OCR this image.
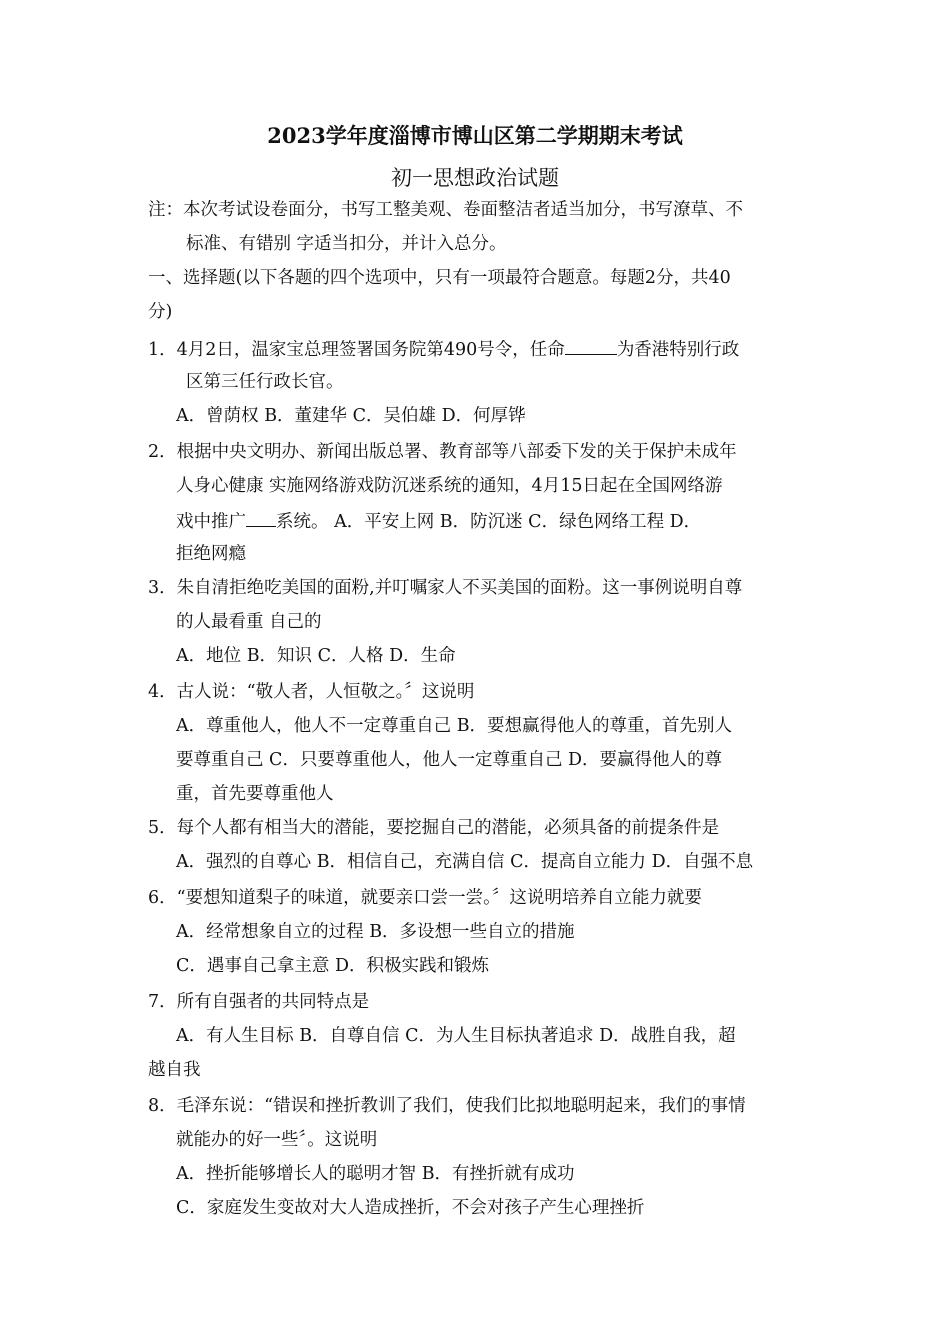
2023学年度淄博市博山区第二学期期末考试
初一思想政治试题
注：本次考试设卷面分，书写工整美观、卷面整洁者适当加分，书写潦草、不
标准、有错别 字适当扣分，并计入总分。
一、选择题(以下各题的四个选项中，只有一项最符合题意。每题2分，共40
分)
1．4月2日，温家宝总理签署国务院第490号令，任命	为香港特别行政
区第三任行政长官。
A．曾荫权 B．董建华 C．吴伯雄 D．何厚铧
2．根据中央文明办、新闻出版总署、教育部等八部委下发的关于保护未成年
人身心健康 实施网络游戏防沉迷系统的通知，4月15日起在全国网络游
戏中推广 系统。 A．平安上网 B．防沉迷 C．绿色网络工程 D．
拒绝网瘾
3．朱自清拒绝吃美国的面粉,并叮嘱家人不买美国的面粉。这一事例说明自尊
的人最看重 自己的
A．地位 B．知识 C．人格 D．生命
4．古人说：“敬人者，人恒敬之。〞这说明
A．尊重他人，他人不一定尊重自己 B．要想赢得他人的尊重，首先别人
要尊重自己 C．只要尊重他人，他人一定尊重自己 D．要赢得他人的尊
重，首先要尊重他人
5．每个人都有相当大的潜能，要挖掘自己的潜能，必须具备的前提条件是
A．强烈的自尊心 B．相信自己，充满自信 C．提高自立能力 D．自强不息
6．“要想知道梨子的味道，就要亲口尝一尝。〞这说明培养自立能力就要
A．经常想象自立的过程 B．多设想一些自立的措施
C．遇事自己拿主意 D．积极实践和锻炼
7．所有自强者的共同特点是
A．有人生目标 B．自尊自信 C．为人生目标执著追求 D．战胜自我，超
越自我
8．毛泽东说：“错误和挫折教训了我们，使我们比拟地聪明起来，我们的事情
就能办的好一些〞。这说明
A．挫折能够增长人的聪明才智 B．有挫折就有成功
C．家庭发生变故对大人造成挫折，不会对孩子产生心理挫折
